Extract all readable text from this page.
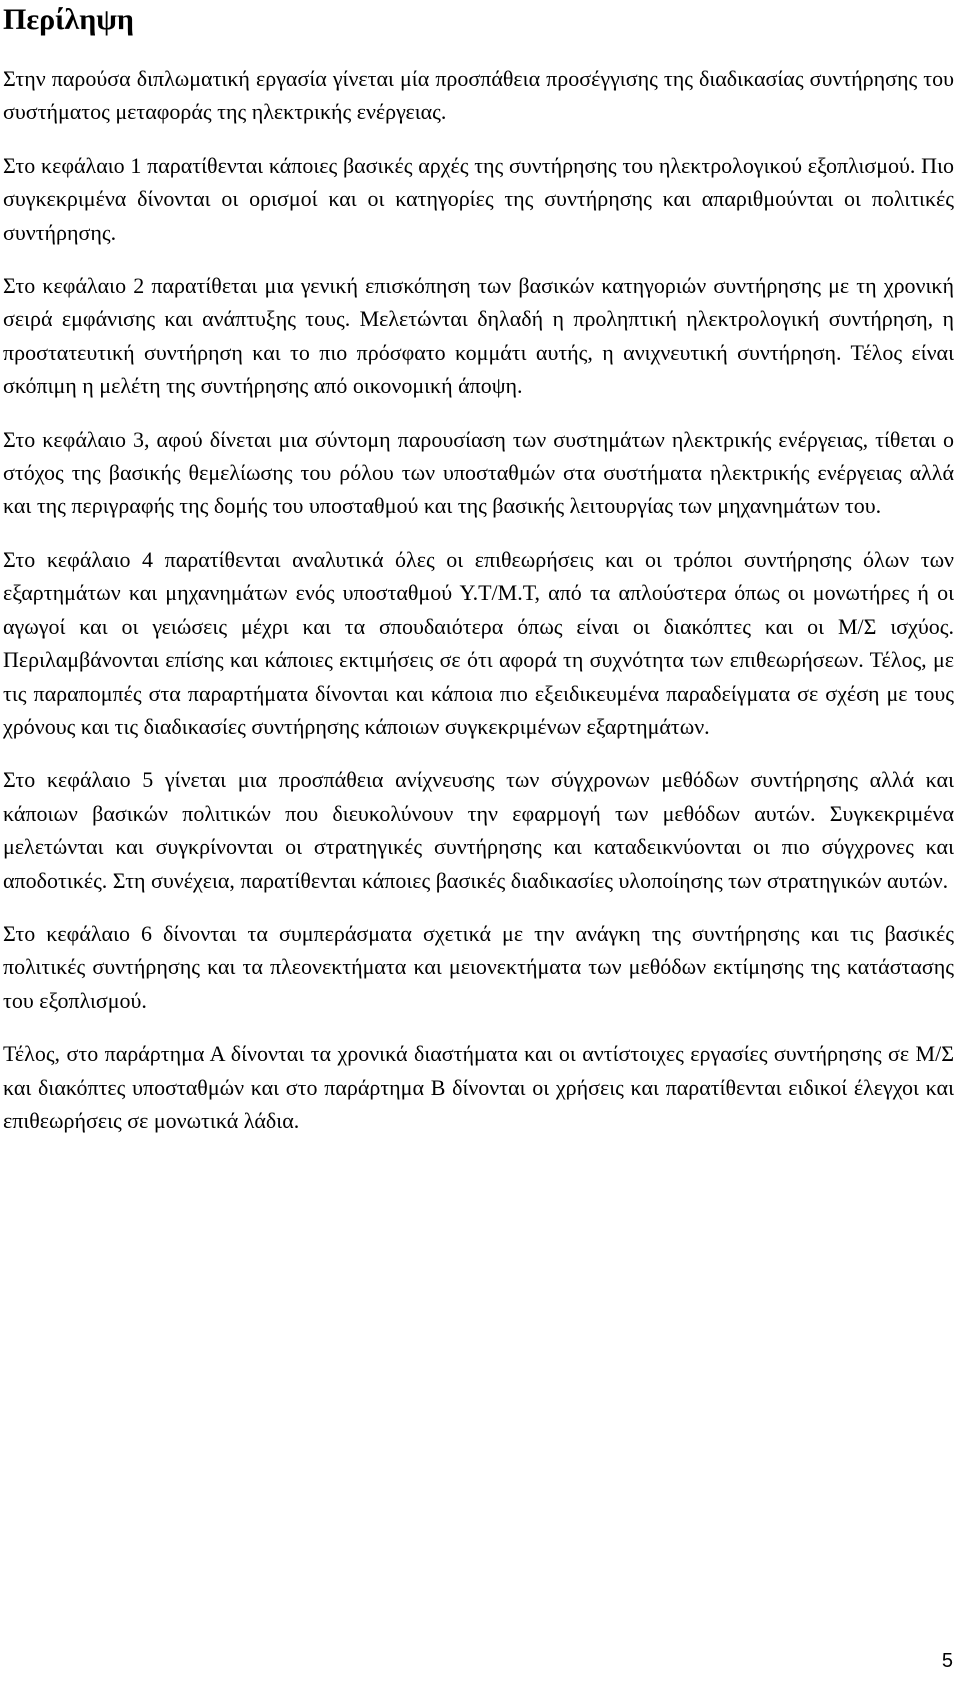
Περίληψη

Στην παρούσα διπλωματική εργασία γίνεται μία προσπάθεια προσέγγισης της διαδικασίας συντήρησης του συστήματος μεταφοράς της ηλεκτρικής ενέργειας.

Στο κεφάλαιο 1 παρατίθενται κάποιες βασικές αρχές της συντήρησης του ηλεκτρολογικού εξοπλισμού. Πιο συγκεκριμένα δίνονται οι ορισμοί και οι κατηγορίες της συντήρησης και απαριθμούνται οι πολιτικές συντήρησης.

Στο κεφάλαιο 2 παρατίθεται μια γενική επισκόπηση των βασικών κατηγοριών συντήρησης με τη χρονική σειρά εμφάνισης και ανάπτυξης τους. Μελετώνται δηλαδή η προληπτική ηλεκτρολογική συντήρηση, η προστατευτική συντήρηση και το πιο πρόσφατο κομμάτι αυτής, η ανιχνευτική συντήρηση. Τέλος είναι σκόπιμη η μελέτη της συντήρησης από οικονομική άποψη.

Στο κεφάλαιο 3, αφού δίνεται μια σύντομη παρουσίαση των συστημάτων ηλεκτρικής ενέργειας, τίθεται ο στόχος της βασικής θεμελίωσης του ρόλου των υποσταθμών στα συστήματα ηλεκτρικής ενέργειας αλλά και της περιγραφής της δομής του υποσταθμού και της βασικής λειτουργίας των μηχανημάτων του.

Στο κεφάλαιο 4 παρατίθενται αναλυτικά όλες οι επιθεωρήσεις και οι τρόποι συντήρησης όλων των εξαρτημάτων και μηχανημάτων ενός υποσταθμού Υ.Τ/Μ.Τ, από τα απλούστερα όπως οι μονωτήρες ή οι αγωγοί και οι γειώσεις μέχρι και τα σπουδαιότερα όπως είναι οι διακόπτες και οι Μ/Σ ισχύος. Περιλαμβάνονται επίσης και κάποιες εκτιμήσεις σε ότι αφορά τη συχνότητα των επιθεωρήσεων. Τέλος, με τις παραπομπές στα παραρτήματα δίνονται και κάποια πιο εξειδικευμένα παραδείγματα σε σχέση με τους χρόνους και τις διαδικασίες συντήρησης κάποιων συγκεκριμένων εξαρτημάτων.

Στο κεφάλαιο 5 γίνεται μια προσπάθεια ανίχνευσης των σύγχρονων μεθόδων συντήρησης αλλά και κάποιων βασικών πολιτικών που διευκολύνουν την εφαρμογή των μεθόδων αυτών. Συγκεκριμένα μελετώνται και συγκρίνονται οι στρατηγικές συντήρησης και καταδεικνύονται οι πιο σύγχρονες και αποδοτικές. Στη συνέχεια, παρατίθενται κάποιες βασικές διαδικασίες υλοποίησης των στρατηγικών αυτών.

Στο κεφάλαιο 6 δίνονται τα συμπεράσματα σχετικά με την ανάγκη της συντήρησης και τις βασικές πολιτικές συντήρησης και τα πλεονεκτήματα και μειονεκτήματα των μεθόδων εκτίμησης της κατάστασης του εξοπλισμού.

Τέλος, στο παράρτημα Α δίνονται τα χρονικά διαστήματα και οι αντίστοιχες εργασίες συντήρησης σε Μ/Σ και διακόπτες υποσταθμών και στο παράρτημα Β δίνονται οι χρήσεις και παρατίθενται ειδικοί έλεγχοι και επιθεωρήσεις σε μονωτικά λάδια.

5
